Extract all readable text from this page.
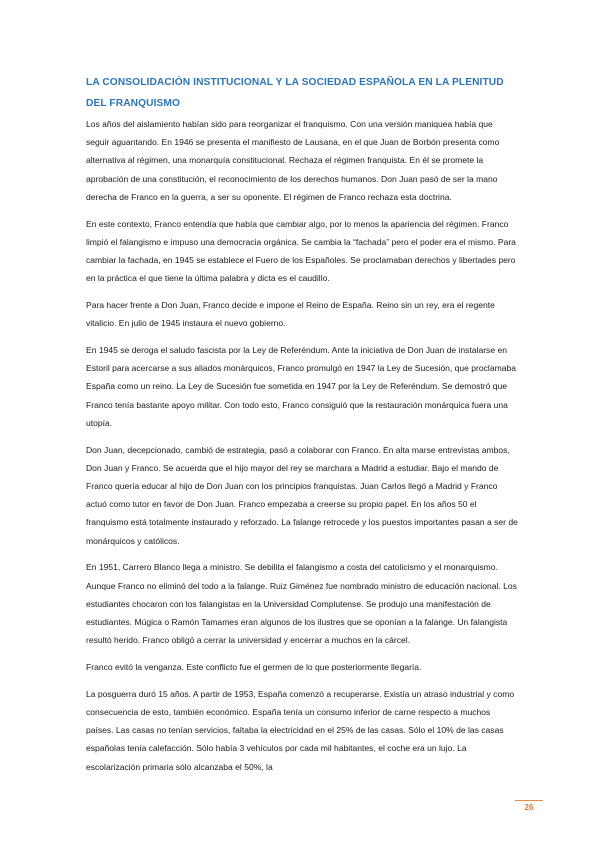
LA CONSOLIDACIÓN INSTITUCIONAL Y LA SOCIEDAD ESPAÑOLA EN LA PLENITUD DEL FRANQUISMO

Los años del aislamiento habían sido para reorganizar el franquismo. Con una versión maniquea había que seguir aguantando. En 1946 se presenta el manifiesto de Lausana, en el que Juan de Borbón presenta como alternativa al régimen, una monarquía constitucional. Rechaza el régimen franquista. En él se promete la aprobación de una constitución, el reconocimiento de los derechos humanos. Don Juan pasó de ser la mano derecha de Franco en la guerra, a ser su oponente. El régimen de Franco rechaza esta doctrina.

En este contexto, Franco entendía que había que cambiar algo, por lo menos la apariencia del régimen. Franco limpió el falangismo e impuso una democracia orgánica. Se cambia la “fachada” pero el poder era el mismo. Para cambiar la fachada, en 1945 se establece el Fuero de los Españoles. Se proclamaban derechos y libertades pero en la práctica el que tiene la última palabra y dicta es el caudillo.

Para hacer frente a Don Juan, Franco decide e impone el Reino de España. Reino sin un rey, era el regente vitalicio. En julio de 1945 instaura el nuevo gobierno.

En 1945 se deroga el saludo fascista por la Ley de Referéndum. Ante la iniciativa de Don Juan de instalarse en Estoril para acercarse a sus aliados monárquicos, Franco promulgó en 1947 la Ley de Sucesión, que proclamaba España como un reino. La Ley de Sucesión fue sometida en 1947 por la Ley de Referéndum. Se demostró que Franco tenía bastante apoyo militar. Con todo esto, Franco consiguió que la restauración monárquica fuera una utopía.

Don Juan, decepcionado, cambió de estrategia, pasó a colaborar con Franco. En alta marse entrevistas ambos, Don Juan y Franco. Se acuerda que el hijo mayor del rey se marchara a Madrid a estudiar. Bajo el mando de Franco quería educar al hijo de Don Juan con los principios franquistas. Juan Carlos llegó a Madrid y Franco actuó como tutor en favor de Don Juan. Franco empezaba a creerse su propio papel. En los años 50 el franquismo está totalmente instaurado y reforzado. La falange retrocede y los puestos importantes pasan a ser de monárquicos y católicos.

En 1951, Carrero Blanco llega a ministro. Se debilita el falangismo a costa del catolicismo y el monarquismo. Aunque Franco no eliminó del todo a la falange. Ruiz Giménez fue nombrado ministro de educación nacional. Los estudiantes chocaron con los falangistas en la Universidad Complutense. Se produjo una manifestación de estudiantes. Múgica o Ramón Tamames eran algunos de los ilustres que se oponían a la falange. Un falangista resultó herido. Franco obligó a cerrar la universidad y encerrar a muchos en la cárcel.

Franco evitó la venganza. Este conflicto fue el germen de lo que posteriormente llegaría.

La posguerra duró 15 años. A partir de 1953, España comenzó a recuperarse. Existía un atraso industrial y como consecuencia de esto, también económico. España tenía un consumo inferior de carne respecto a muchos países. Las casas no tenían servicios, faltaba la electricidad en el 25% de las casas. Sólo el 10% de las casas españolas tenía calefacción. Sólo había 3 vehículos por cada mil habitantes, el coche era un lujo. La escolarización primaria sólo alcanzaba el 50%, la

26
